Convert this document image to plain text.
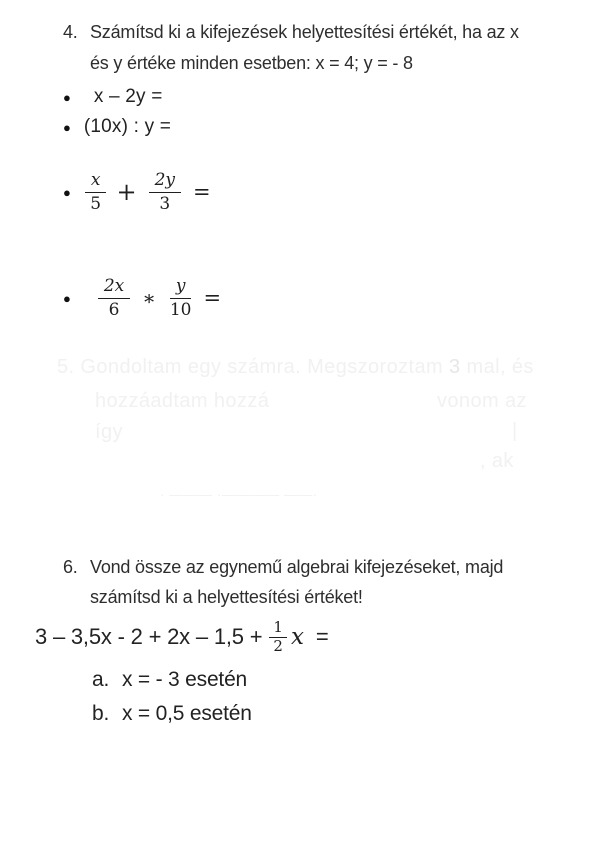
4. Számítsd ki a kifejezések helyettesítési értékét, ha az x
és y értéke minden esetben: x = 4; y = - 8
● x – 2y =
● (10x) : y =
● $\frac{x}{5} + \frac{2y}{3}$ =
● $\frac{2x}{6}$ ∗ $\frac{y}{10}$ =
5. Gondoltam egy számra. Megszoroztam 3 mal, és
hozzáadtam hozzá	vonom az
így	|
, ak
· ——— ·———— ——·
6. Vond össze az egynemű algebrai kifejezéseket, majd
számítsd ki a helyettesítési értéket!
$3 - 3,5x - 2 + 2x - 1,5 + \frac{1}{2}$ x =
a. x = - 3 esetén
b. x = 0,5 esetén
